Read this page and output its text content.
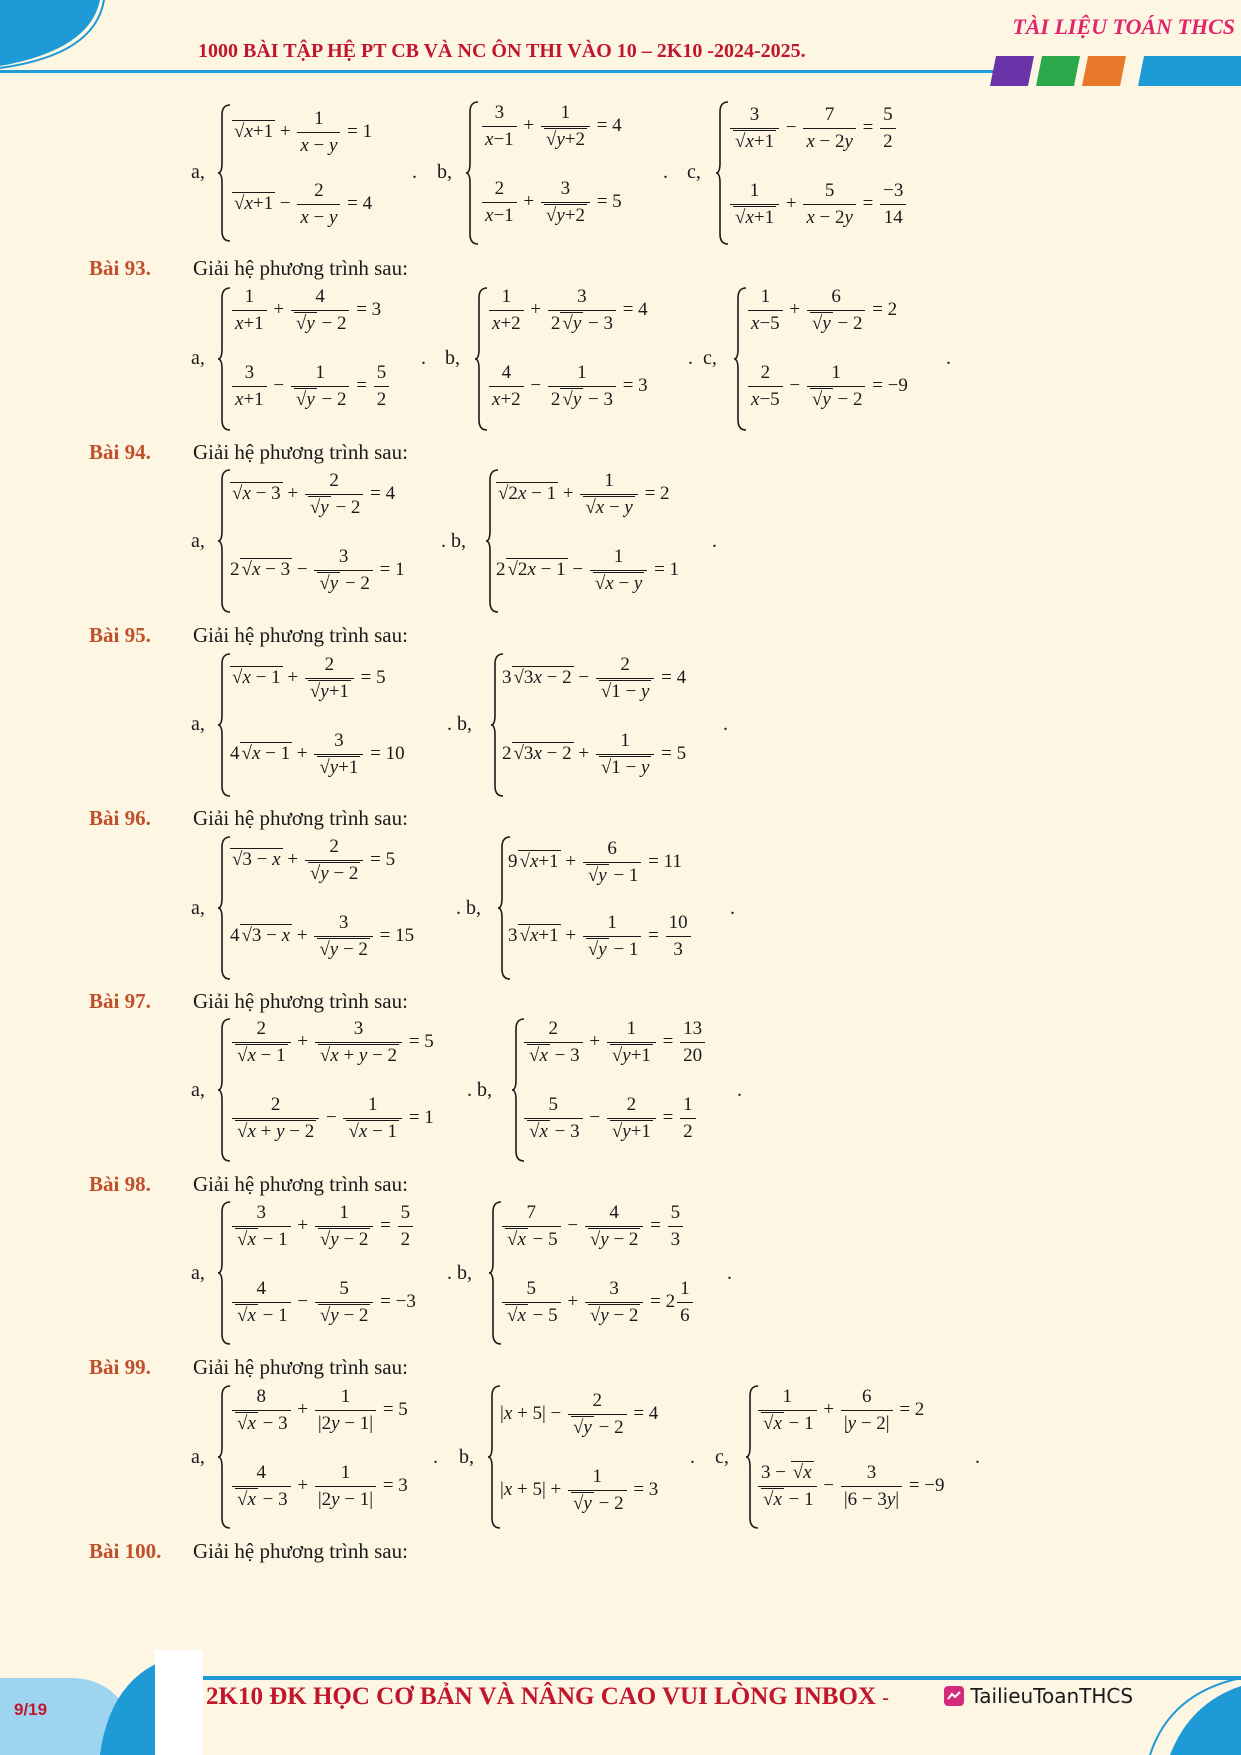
TÀI LIỆU TOÁN THCS
1000 BÀI TẬP HỆ PT CB VÀ NC ÔN THI VÀO 10 – 2K10 -2024-2025.
a,
$√x+1 + \frac{1}{x - y} = 1$
$√x+1 - \frac{2}{x - y} = 4$
. b,
$\frac{3}{x-1} + \frac{1}{√y+2} = 4$
$\frac{2}{x-1} + \frac{3}{√y+2} = 5$
. c,
$\frac{3}{√x+1} - \frac{7}{x - 2y} = \frac{5}{2}$
$\frac{1}{√x+1} + \frac{5}{x - 2y} = \frac{-3}{14}$
Bài 93. Giải hệ phương trình sau:
a,
$\frac{1}{x+1} + \frac{4}{√y - 2} = 3$
$\frac{3}{x+1} - \frac{1}{√y - 2} = \frac{5}{2}$
. b,
$\frac{1}{x+2} + \frac{3}{2 √y - 3} = 4$
$\frac{4}{x+2} - \frac{1}{2 √y - 3} = 3$
. c,
$\frac{1}{x-5} + \frac{6}{√y - 2} = 2$
$\frac{2}{x-5} - \frac{1}{√y - 2} = -9$
.
Bài 94. Giải hệ phương trình sau:
a,
$√x - 3 + \frac{2}{√y - 2} = 4$
2 $√x - 3 - \frac{3}{√y - 2} = 1$
. b,
$√2x - 1 + \frac{1}{√x - y} = 2$
2 $√2x - 1 - \frac{1}{√x - y} = 1$
.
Bài 95. Giải hệ phương trình sau:
a,
$√x - 1 + \frac{2}{√y+1} = 5$
4 $√x - 1 + \frac{3}{√y+1} = 10$
. b,
3 $√3x - 2 - \frac{2}{√1 - y} = 4$
2 $√3x - 2 + \frac{1}{√1 - y} = 5$
.
Bài 96. Giải hệ phương trình sau:
a,
$√3 - x + \frac{2}{√y - 2} = 5$
4 $√3 - x + \frac{3}{√y - 2} = 15$
. b,
9 $√x+1 + \frac{6}{√y - 1} = 11$
3 $√x+1 + \frac{1}{√y - 1} = \frac{10}{3}$
.
Bài 97. Giải hệ phương trình sau:
a,
$\frac{2}{√x - 1} + \frac{3}{√x + y - 2} = 5$
$\frac{2}{√x + y - 2} - \frac{1}{√x - 1} = 1$
. b,
$\frac{2}{√x - 3} + \frac{1}{√y+1} = \frac{13}{20}$
$\frac{5}{√x - 3} - \frac{2}{√y+1} = \frac{1}{2}$
.
Bài 98. Giải hệ phương trình sau:
a,
$\frac{3}{√x - 1} + \frac{1}{√y - 2} = \frac{5}{2}$
$\frac{4}{√x - 1} - \frac{5}{√y - 2} = -3$
. b,
$\frac{7}{√x - 5} - \frac{4}{√y - 2} = \frac{5}{3}$
$\frac{5}{√x - 5} + \frac{3}{√y - 2} = 2 \frac{1}{6}$
.
Bài 99. Giải hệ phương trình sau:
a,
$\frac{8}{√x - 3} + \frac{1}{|2y - 1|} = 5$
$\frac{4}{√x - 3} + \frac{1}{|2y - 1|} = 3$
. b,
$|x + 5| - \frac{2}{√y - 2} = 4$
$|x + 5| + \frac{1}{√y - 2} = 3$
. c,
$\frac{1}{√x - 1} + \frac{6}{|y - 2|} = 2$
$\frac{3 - √x}{√x - 1} - \frac{3}{|6 - 3y|} = -9$
.
Bài 100. Giải hệ phương trình sau:
9/19	2K10 ĐK HỌC CƠ BẢN VÀ NÂNG CAO VUI LÒNG INBOX -	TailieuToanTHCS
